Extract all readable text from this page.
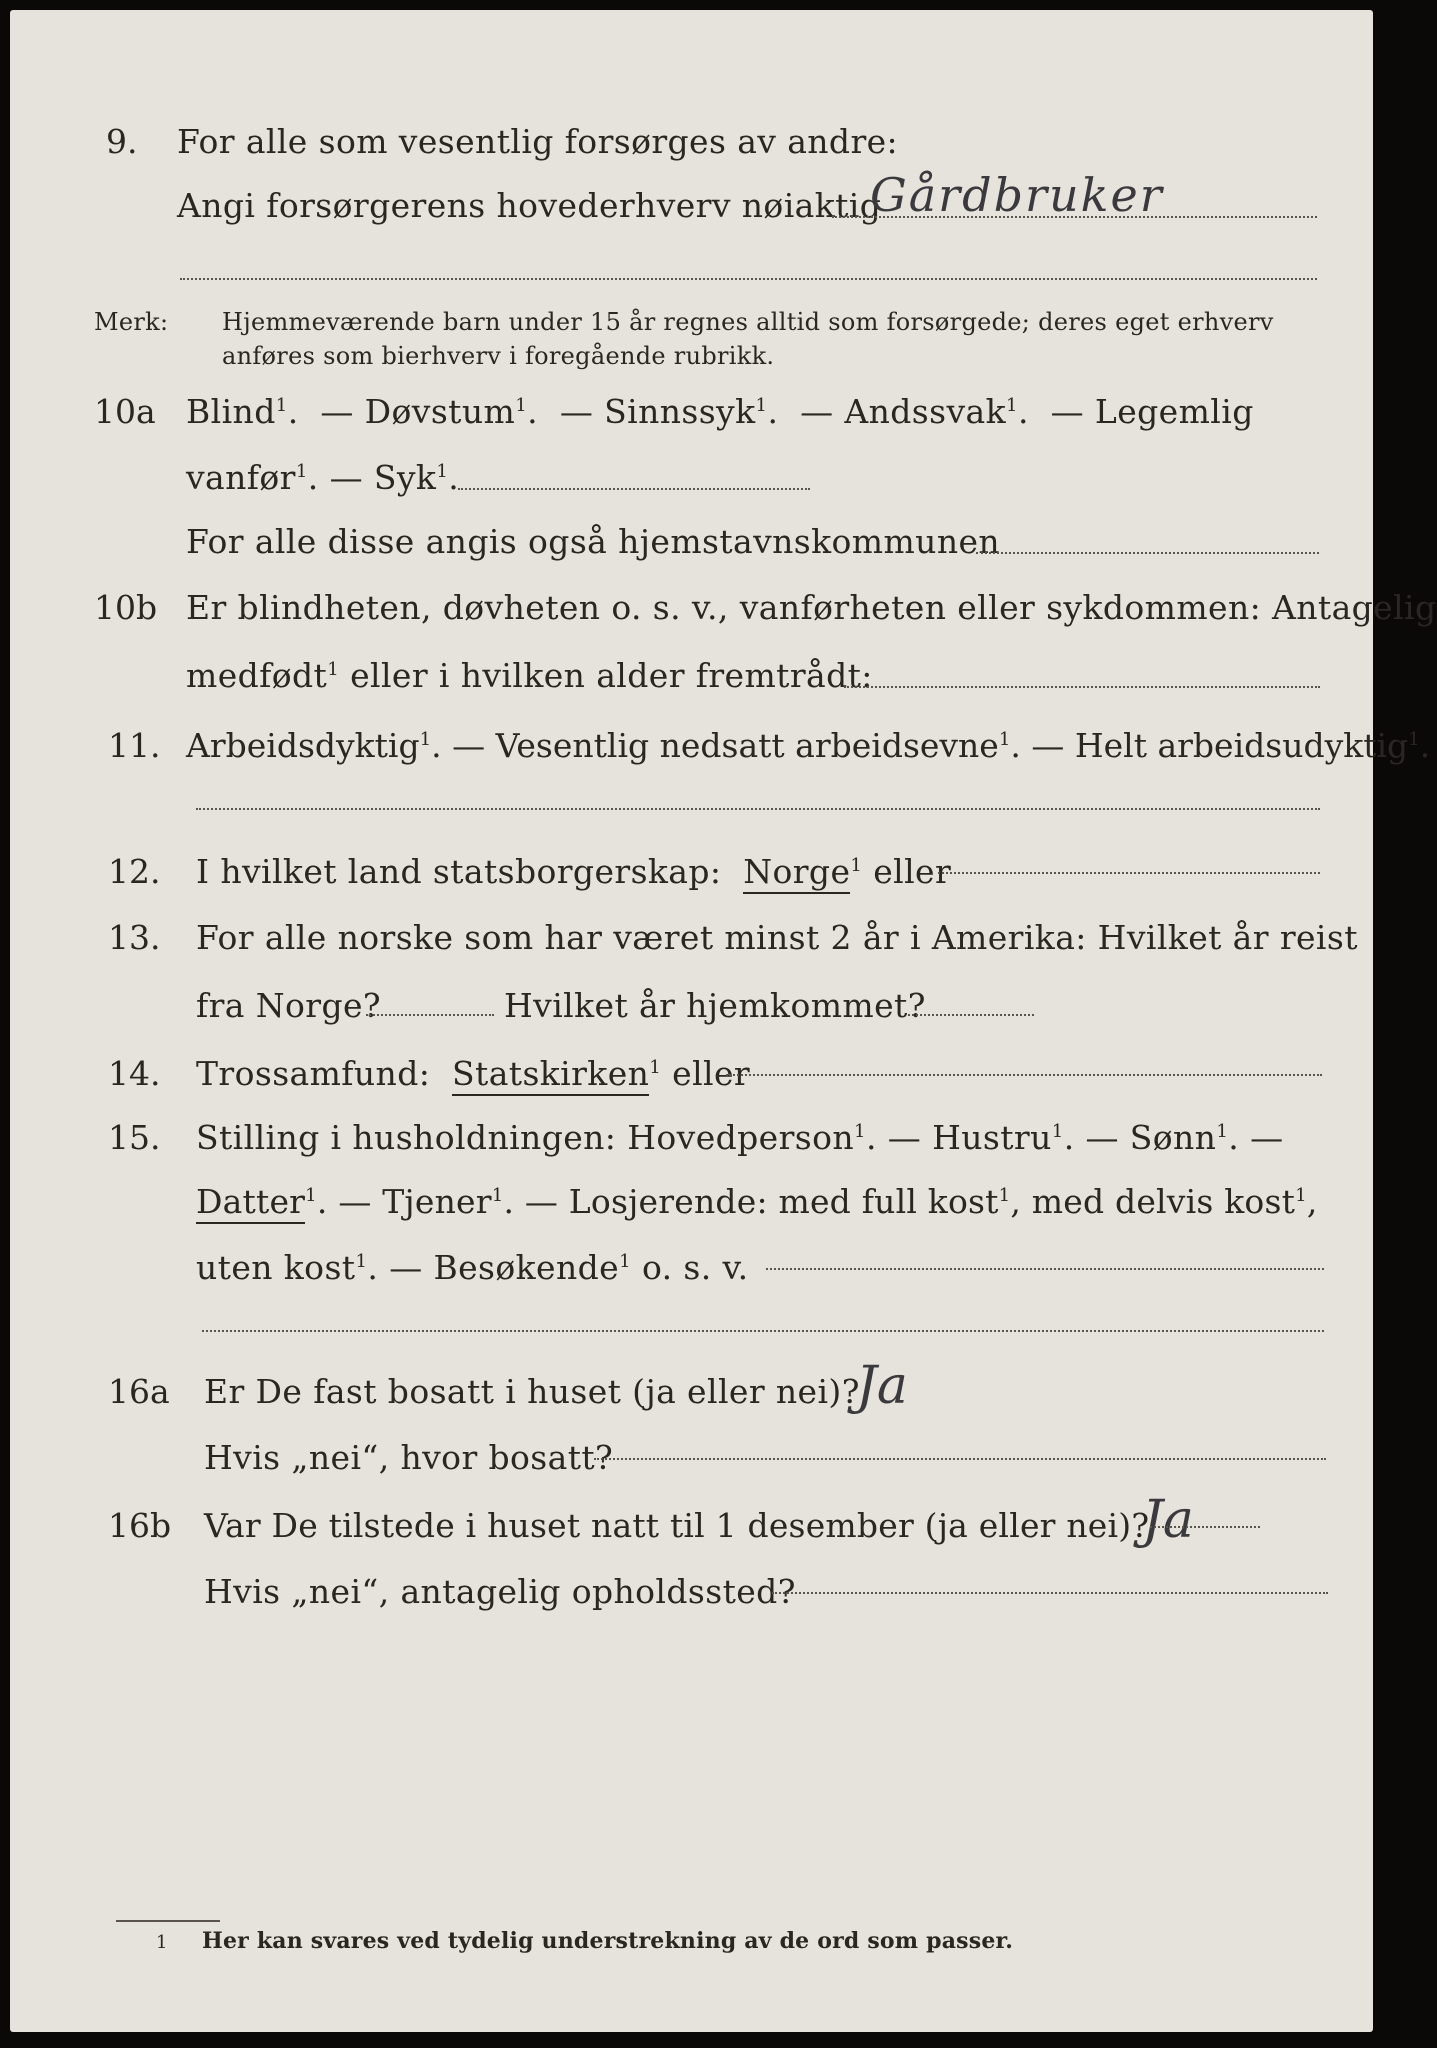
9. For alle som vesentlig forsørges av andre:
Angi forsørgerens hovederhverv nøiaktig
Gårdbruker
Merk: Hjemmeværende barn under 15 år regnes alltid som forsørgede; deres eget erhverv
anføres som bierhverv i foregående rubrikk.
10a Blind$^1$.  — Døvstum$^1$.  — Sinnssyk$^1$.  — Andssvak$^1$.  — Legemlig
vanfør$^1$. — Syk$^1$.
For alle disse angis også hjemstavnskommunen
10b Er blindheten, døvheten o. s. v., vanførheten eller sykdommen: Antagelig
medfødt$^1$ eller i hvilken alder fremtrådt:
11. Arbeidsdyktig$^1$. — Vesentlig nedsatt arbeidsevne$^1$. — Helt arbeidsudyktig$^1$.
12. I hvilket land statsborgerskap: Norge$^1$ eller
13. For alle norske som har været minst 2 år i Amerika: Hvilket år reist
fra Norge?	Hvilket år hjemkommet?
14. Trossamfund: Statskirken$^1$ eller
15. Stilling i husholdningen: Hovedperson$^1$. — Hustru$^1$. — Sønn$^1$. —
Datter$^1$. — Tjener$^1$. — Losjerende: med full kost$^1$, med delvis kost$^1$,
uten kost$^1$. — Besøkende$^1$ o. s. v.
16a Er De fast bosatt i huset (ja eller nei)?
Ja
Hvis „nei“, hvor bosatt?
16b Var De tilstede i huset natt til 1 desember (ja eller nei)?
Ja
Hvis „nei“, antagelig opholdssted?
1 Her kan svares ved tydelig understrekning av de ord som passer.
